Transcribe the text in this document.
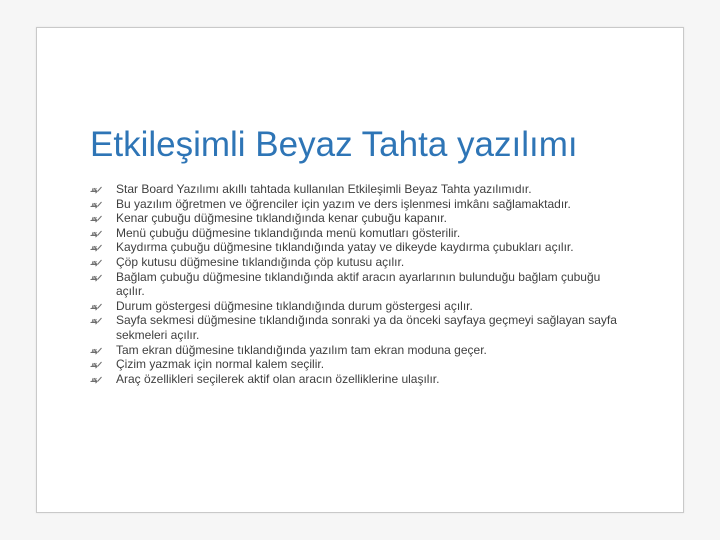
Etkileşimli Beyaz Tahta yazılımı
Star Board Yazılımı akıllı tahtada kullanılan Etkileşimli Beyaz Tahta yazılımıdır.
Bu yazılım öğretmen ve öğrenciler için yazım ve ders işlenmesi imkânı sağlamaktadır.
Kenar çubuğu düğmesine tıklandığında kenar çubuğu kapanır.
Menü çubuğu düğmesine tıklandığında menü komutları gösterilir.
Kaydırma çubuğu düğmesine tıklandığında yatay ve dikeyde kaydırma çubukları açılır.
Çöp kutusu düğmesine tıklandığında çöp kutusu açılır.
Bağlam çubuğu düğmesine tıklandığında aktif aracın ayarlarının bulunduğu bağlam çubuğu açılır.
Durum göstergesi düğmesine tıklandığında durum göstergesi açılır.
Sayfa sekmesi düğmesine tıklandığında sonraki ya da önceki sayfaya geçmeyi sağlayan sayfa sekmeleri açılır.
Tam ekran düğmesine tıklandığında yazılım tam ekran moduna geçer.
Çizim yazmak için normal kalem seçilir.
Araç özellikleri seçilerek aktif olan aracın özelliklerine ulaşılır.
